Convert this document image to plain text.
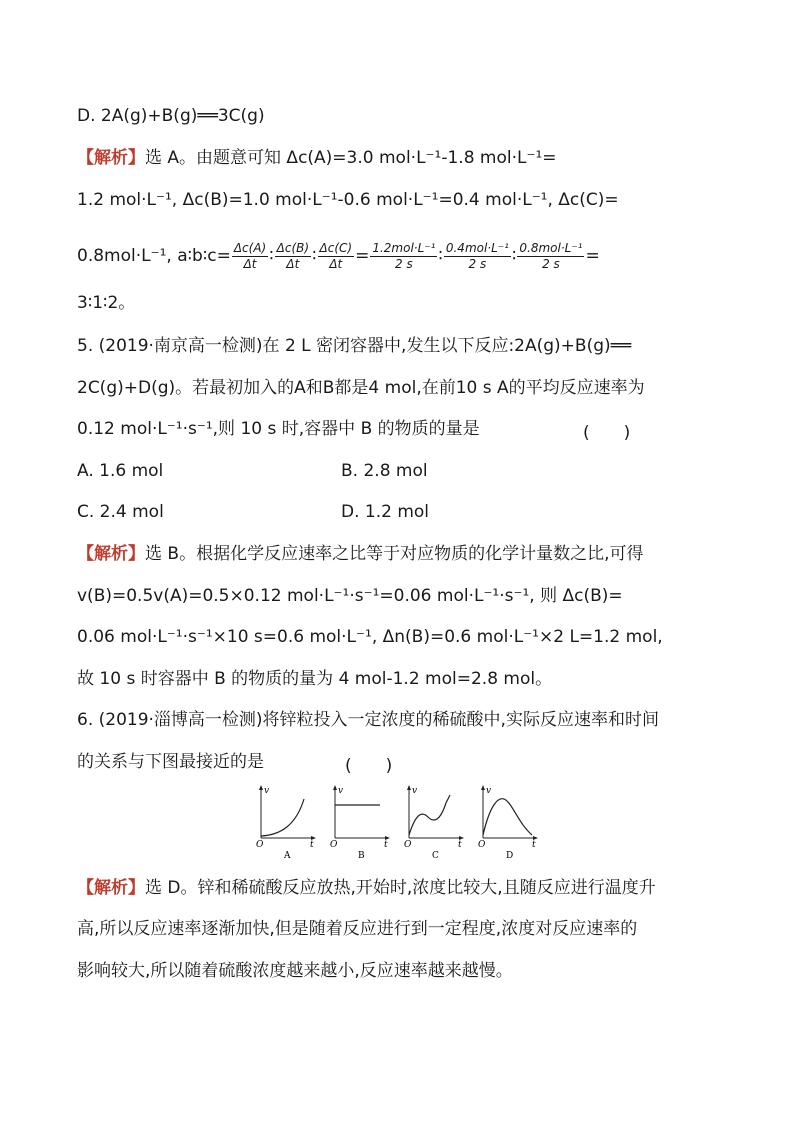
D. 2A(g)+B(g)══3C(g)
【解析】选 A。由题意可知 Δc(A)=3.0 mol·L⁻¹-1.8 mol·L⁻¹=
1.2 mol·L⁻¹, Δc(B)=1.0 mol·L⁻¹-0.6 mol·L⁻¹=0.4 mol·L⁻¹, Δc(C)=
0.8mol·L⁻¹, a∶b∶c= $\frac{\Delta c(A)}{\Delta t}$ ∶ $\frac{\Delta c(B)}{\Delta t}$ ∶ $\frac{\Delta c(C)}{\Delta t} = \frac{\text{1.2mol·L⁻¹}}{2 s}$ ∶ $\frac{\text{0.4mol·L⁻¹}}{2 s}$ ∶ $\frac{\text{0.8mol·L⁻¹}}{2 s}$ =
3∶1∶2。
5. (2019·南京高一检测)在 2 L 密闭容器中,发生以下反应:2A(g)+B(g)══
2C(g)+D(g)。若最初加入的A和B都是4 mol,在前10 s A的平均反应速率为
0.12 mol·L⁻¹·s⁻¹,则 10 s 时,容器中 B 的物质的量是	(　　)
A. 1.6 mol	B. 2.8 mol
C. 2.4 mol	D. 1.2 mol
【解析】选 B。根据化学反应速率之比等于对应物质的化学计量数之比,可得
v(B)=0.5v(A)=0.5×0.12 mol·L⁻¹·s⁻¹=0.06 mol·L⁻¹·s⁻¹, 则 Δc(B)=
0.06 mol·L⁻¹·s⁻¹×10 s=0.6 mol·L⁻¹, Δn(B)=0.6 mol·L⁻¹×2 L=1.2 mol,
故 10 s 时容器中 B 的物质的量为 4 mol-1.2 mol=2.8 mol。
6. (2019·淄博高一检测)将锌粒投入一定浓度的稀硫酸中,实际反应速率和时间
的关系与下图最接近的是	(　　)
v
O	t
A
v
O	t
B
v
O	t
C
v
O	t
D
【解析】选 D。锌和稀硫酸反应放热,开始时,浓度比较大,且随反应进行温度升
高,所以反应速率逐渐加快,但是随着反应进行到一定程度,浓度对反应速率的
影响较大,所以随着硫酸浓度越来越小,反应速率越来越慢。
